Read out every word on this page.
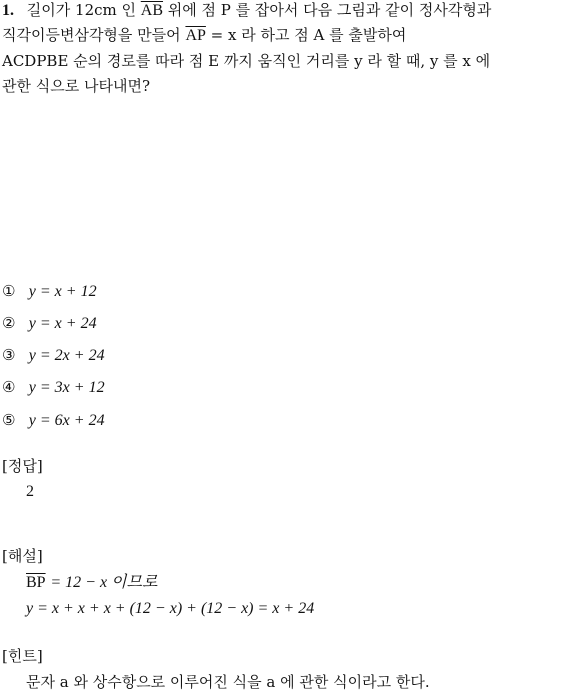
1. 길이가 12cm 인 $\overline{AB}$ 위에 점 P 를 잡아서 다음 그림과 같이 정사각형과
직각이등변삼각형을 만들어 $\overline{AP} = x$ 라 하고 점 A 를 출발하여
ACDPBE 순의 경로를 따라 점 E 까지 움직인 거리를 y 라 할 때, y 를 x 에
관한 식으로 나타내면?
① y = x + 12
② y = x + 24
③ y = 2x + 24
④ y = 3x + 12
⑤ y = 6x + 24
[정답]
2
[해설]
$\overline{BP} = 12 - x$ 이므로
y = x + x + x + (12 − x) + (12 − x) = x + 24
[힌트]
문자 a 와 상수항으로 이루어진 식을 a 에 관한 식이라고 한다.
